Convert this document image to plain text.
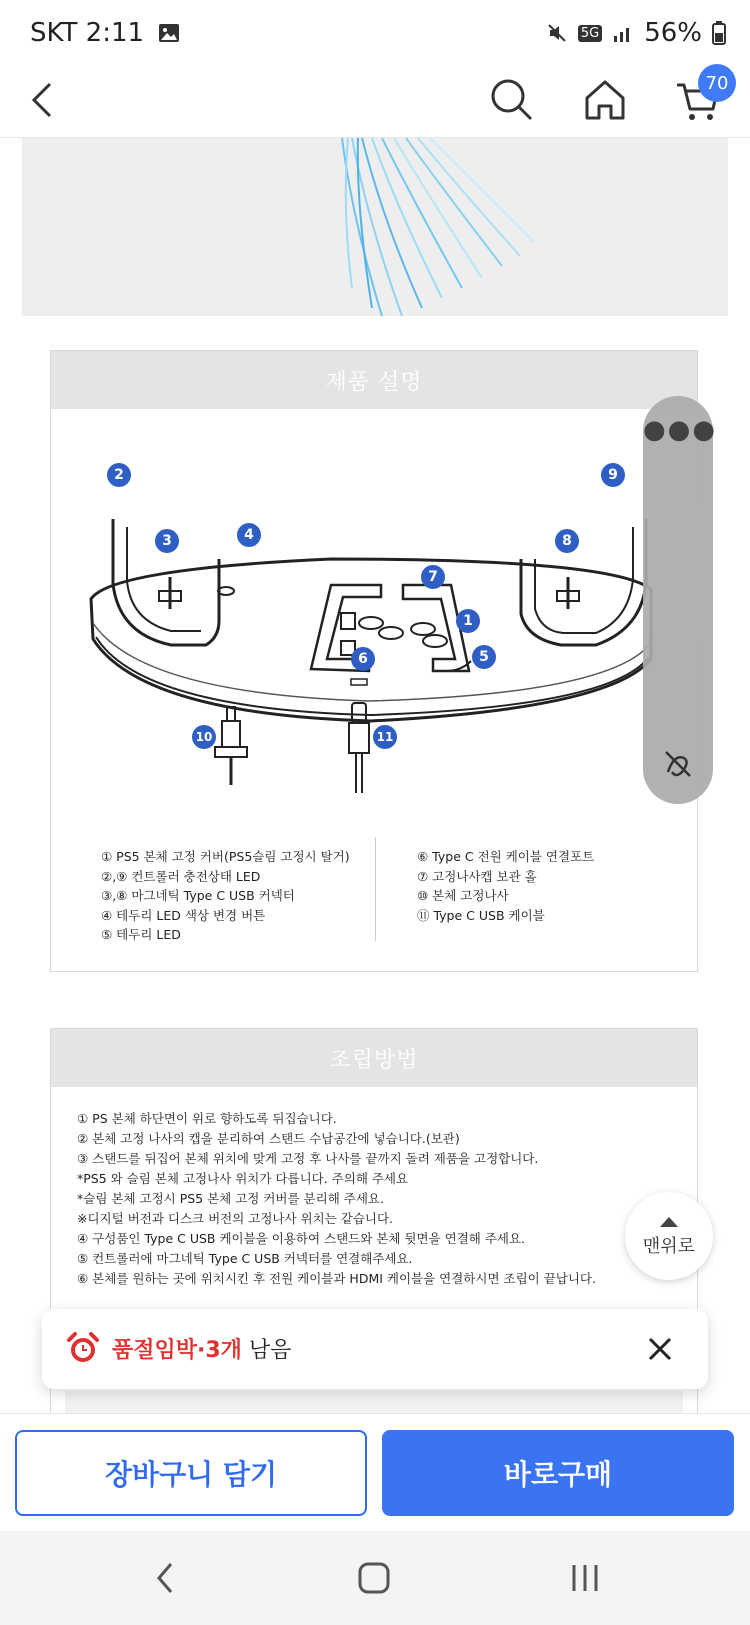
SKT 2:11	5G 56%
70
제품 설명
2
3	4
7
1
8
9
6	5
10	11
① PS5 본체 고정 커버(PS5슬림 고정시 탈거)
②,⑨ 컨트롤러 충전상태 LED
③,⑧ 마그네틱 Type C USB 커넥터
④ 테두리 LED 색상 변경 버튼
⑤ 테두리 LED
⑥ Type C 전원 케이블 연결포트
⑦ 고정나사캡 보관 홀
⑩ 본체 고정나사
⑪ Type C USB 케이블
조립방법
① PS 본체 하단면이 위로 향하도록 뒤집습니다.
② 본체 고정 나사의 캡을 분리하여 스탠드 수납공간에 넣습니다.(보관)
③ 스탠드를 뒤집어 본체 위치에 맞게 고정 후 나사를 끝까지 돌려 제품을 고정합니다.
*PS5 와 슬림 본체 고정나사 위치가 다릅니다. 주의해 주세요
*슬림 본체 고정시 PS5 본체 고정 커버를 분리해 주세요.
※디지털 버전과 디스크 버전의 고정나사 위치는 같습니다.
④ 구성품인 Type C USB 케이블을 이용하여 스탠드와 본체 뒷면을 연결해 주세요.
⑤ 컨트롤러에 마그네틱 Type C USB 커넥터를 연결해주세요.
⑥ 본체를 원하는 곳에 위치시킨 후 전원 케이블과 HDMI 케이블을 연결하시면 조립이 끝납니다.
●●●
맨위로
품절임박·3개 남음
장바구니 담기	바로구매
